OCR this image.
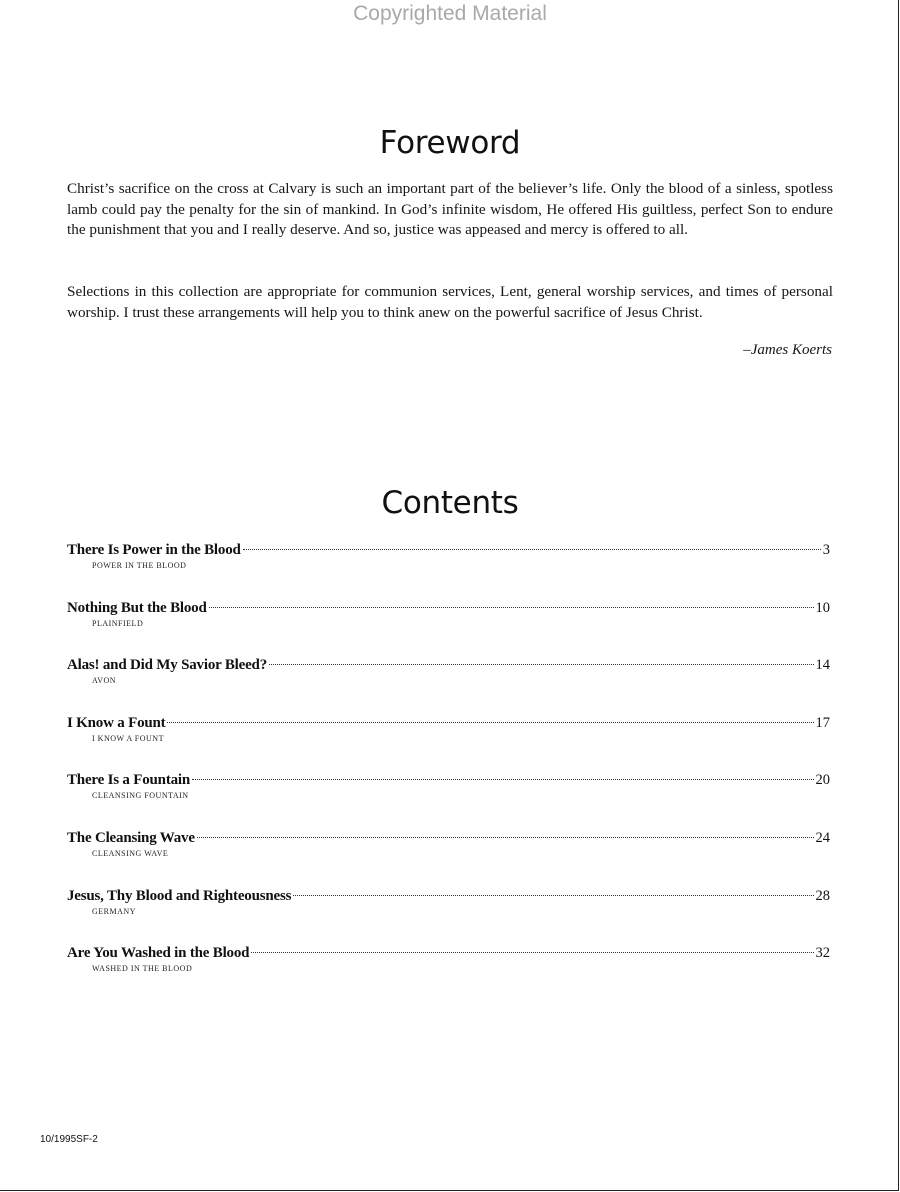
Copyrighted Material
Foreword

Christ’s sacrifice on the cross at Calvary is such an important part of the believer’s life. Only the blood of a sinless, spotless lamb could pay the penalty for the sin of mankind. In God’s infinite wisdom, He offered His guiltless, perfect Son to endure the punishment that you and I really deserve. And so, justice was appeased and mercy is offered to all.

Selections in this collection are appropriate for communion services, Lent, general worship services, and times of personal worship. I trust these arrangements will help you to think anew on the powerful sacrifice of Jesus Christ.

–James Koerts
Contents
There Is Power in the Blood	3
POWER IN THE BLOOD
Nothing But the Blood	10
PLAINFIELD
Alas! and Did My Savior Bleed?	14
AVON
I Know a Fount	17
I KNOW A FOUNT
There Is a Fountain	20
CLEANSING FOUNTAIN
The Cleansing Wave	24
CLEANSING WAVE
Jesus, Thy Blood and Righteousness	28
GERMANY
Are You Washed in the Blood	32
WASHED IN THE BLOOD
10/1995SF-2
